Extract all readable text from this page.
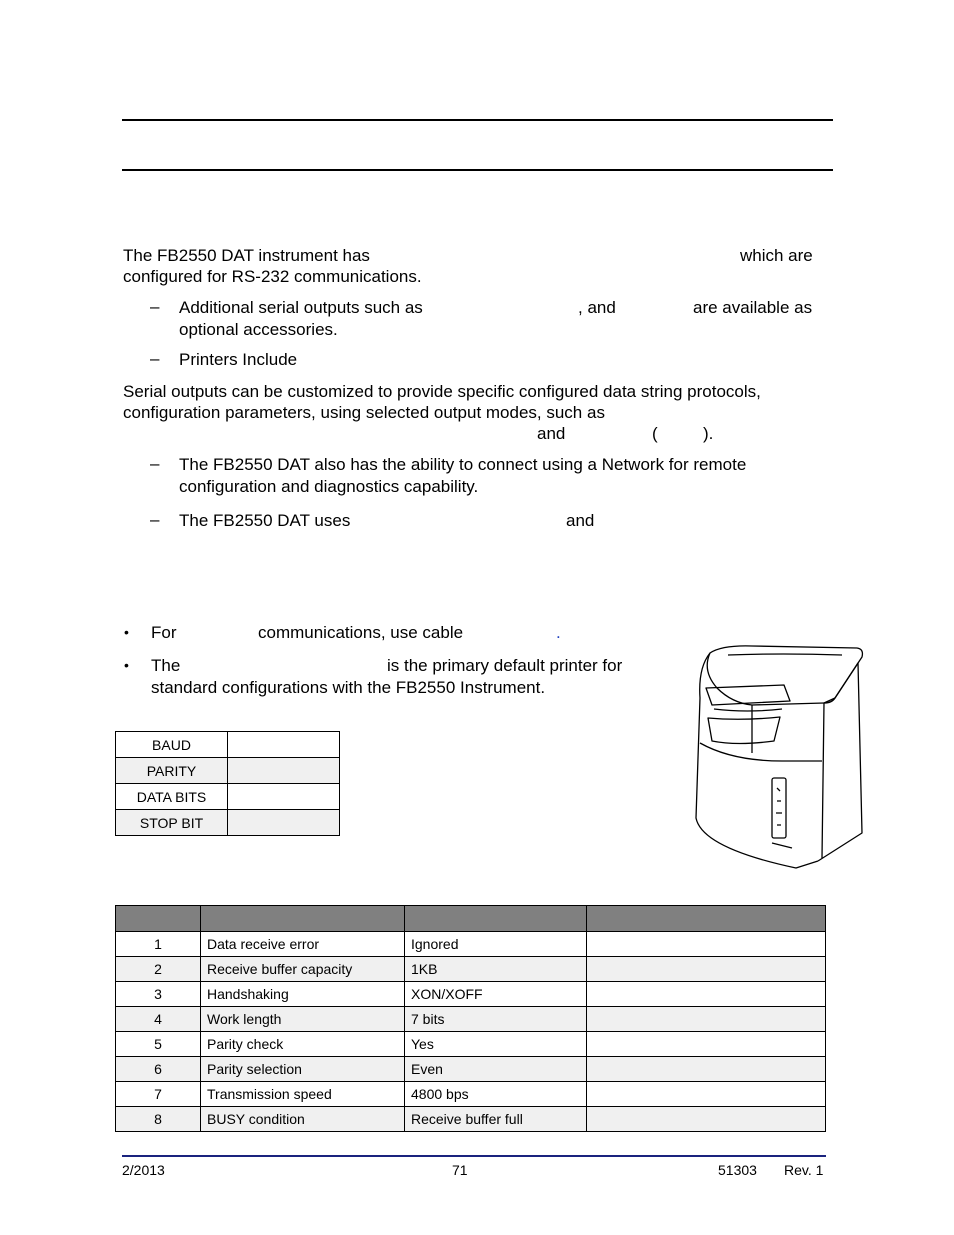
The FB2550 DAT instrument has	which are
configured for RS-232 communications.
– Additional serial outputs such as	, and	are available as
optional accessories.
– Printers Include
Serial outputs can be customized to provide specific configured data string protocols,
configuration parameters, using selected output modes, such as
and	(	).
– The FB2550 DAT also has the ability to connect using a Network for remote
configuration and diagnostics capability.
– The FB2550 DAT uses	and
• For	communications, use cable	.
• The	is the primary default printer for
standard configurations with the FB2550 Instrument.
BAUD	
PARITY	
DATA BITS	
STOP BIT	

1	Data receive error	Ignored	
2	Receive buffer capacity	1KB	
3	Handshaking	XON/XOFF	
4	Work length	7 bits	
5	Parity check	Yes	
6	Parity selection	Even	
7	Transmission speed	4800 bps	
8	BUSY condition	Receive buffer full	
2/2013	71	51303 Rev. 1
